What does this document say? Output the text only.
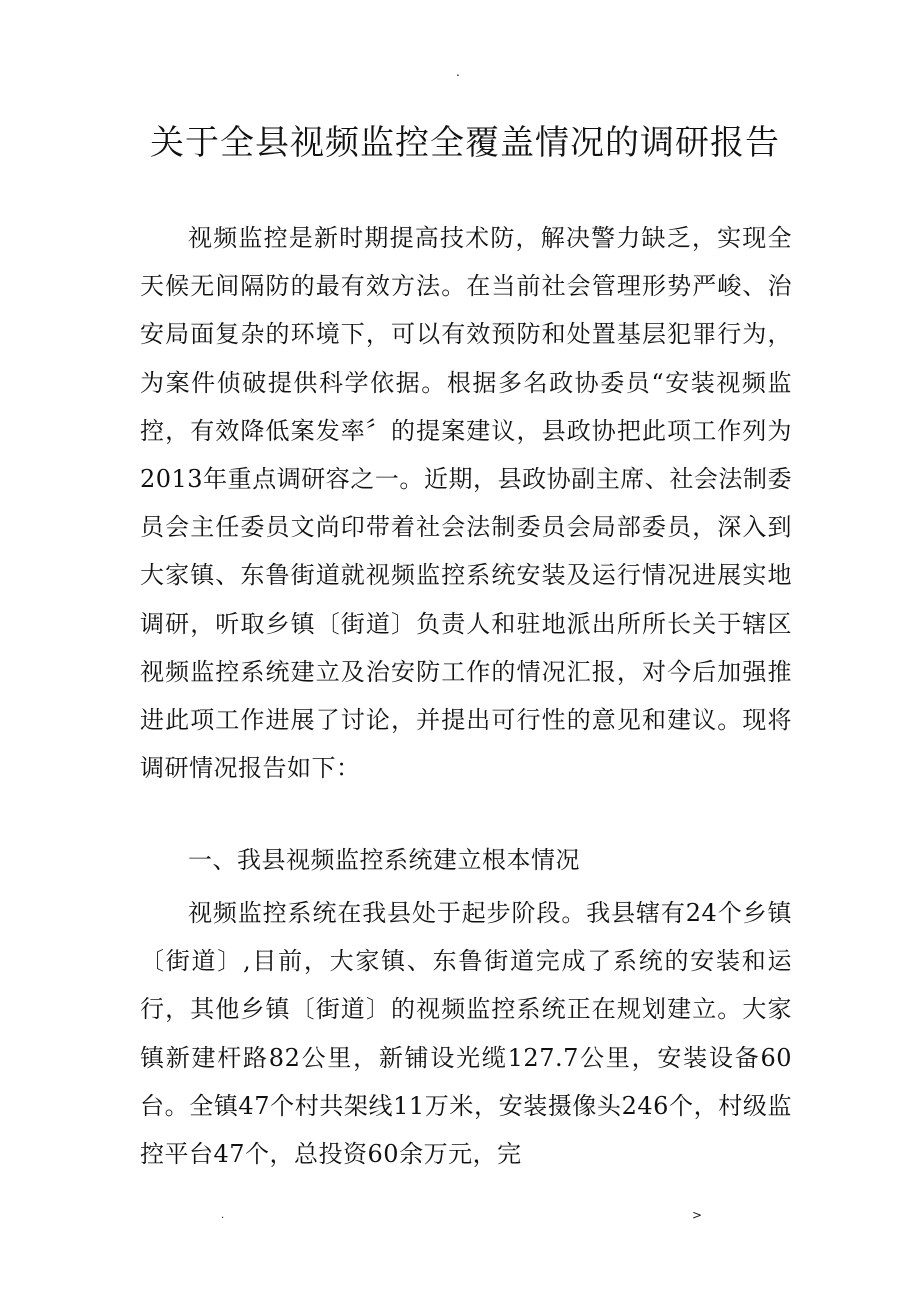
.
关于全县视频监控全覆盖情况的调研报告
视频监控是新时期提高技术防，解决警力缺乏，实现全天候无间隔防的最有效方法。在当前社会管理形势严峻、治安局面复杂的环境下，可以有效预防和处置基层犯罪行为，为案件侦破提供科学依据。根据多名政协委员“安装视频监控，有效降低案发率〞的提案建议，县政协把此项工作列为2013年重点调研容之一。近期，县政协副主席、社会法制委员会主任委员文尚印带着社会法制委员会局部委员，深入到大家镇、东鲁街道就视频监控系统安装及运行情况进展实地调研，听取乡镇〔街道〕负责人和驻地派出所所长关于辖区视频监控系统建立及治安防工作的情况汇报，对今后加强推进此项工作进展了讨论，并提出可行性的意见和建议。现将调研情况报告如下：
一、我县视频监控系统建立根本情况
视频监控系统在我县处于起步阶段。我县辖有24个乡镇〔街道〕,目前，大家镇、东鲁街道完成了系统的安装和运行，其他乡镇〔街道〕的视频监控系统正在规划建立。大家镇新建杆路82公里，新铺设光缆127.7公里，安装设备60台。全镇47个村共架线11万米，安装摄像头246个，村级监控平台47个，总投资60余万元，完
.	>
